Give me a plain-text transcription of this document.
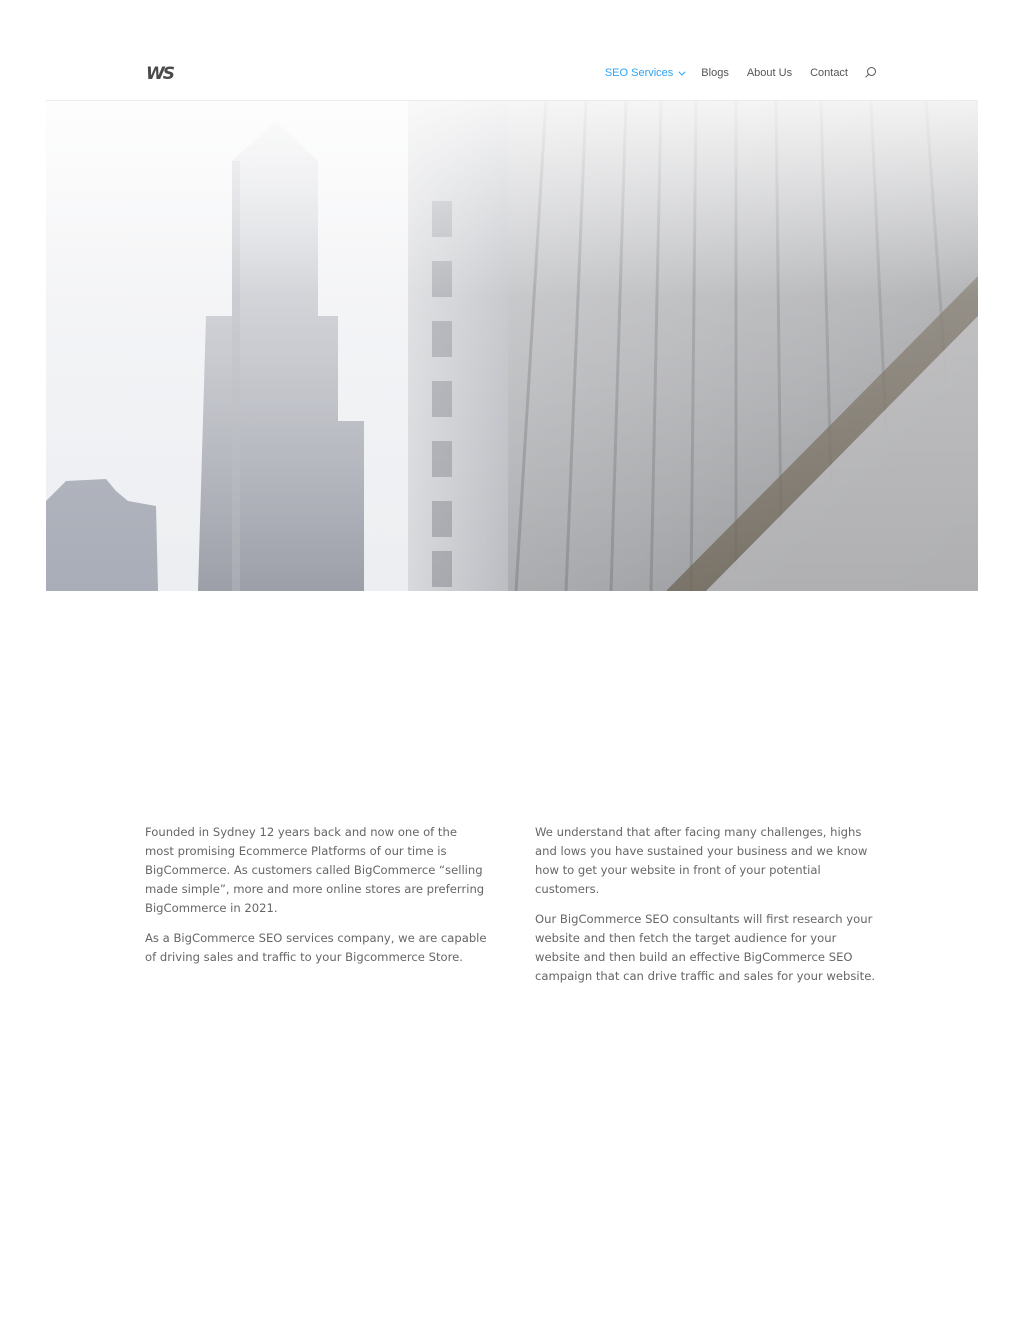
WS	SEO Services	Blogs About Us Contact

Founded in Sydney 12 years back and now one of the most promising Ecommerce Platforms of our time is BigCommerce. As customers called BigCommerce “selling made simple”, more and more online stores are preferring BigCommerce in 2021.

As a BigCommerce SEO services company, we are capable of driving sales and traffic to your Bigcommerce Store.

We understand that after facing many challenges, highs and lows you have sustained your business and we know how to get your website in front of your potential customers.

Our BigCommerce SEO consultants will first research your website and then fetch the target audience for your website and then build an effective BigCommerce SEO campaign that can drive traffic and sales for your website.
